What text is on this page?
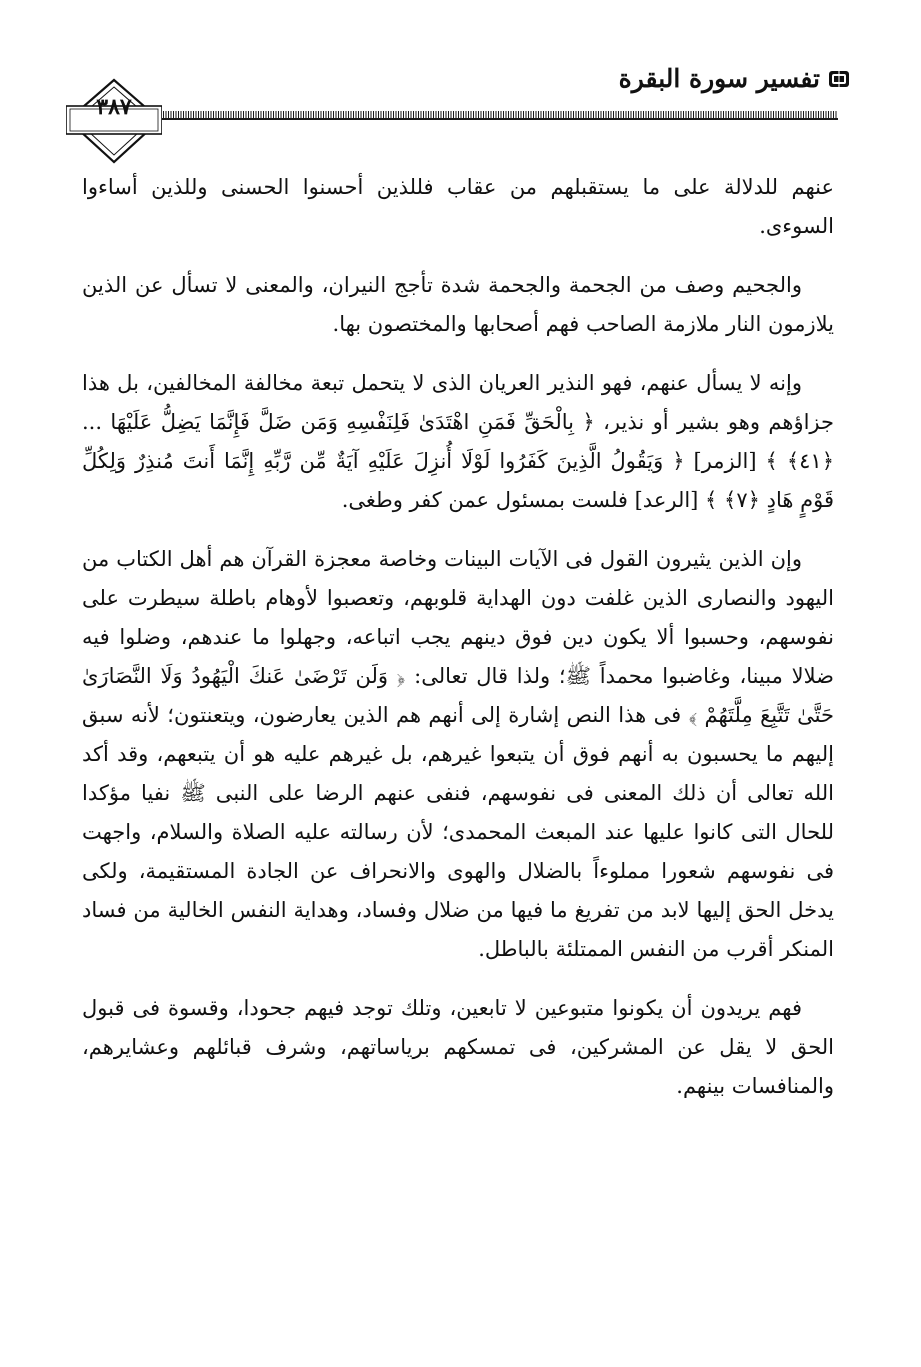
تفسير سورة البقرة
٣٨٧

عنهم للدلالة على ما يستقبلهم من عقاب فللذين أحسنوا الحسنى وللذين أساءوا السوءى.

والجحيم وصف من الجحمة والجحمة شدة تأجج النيران، والمعنى لا تسأل عن الذين يلازمون النار ملازمة الصاحب فهم أصحابها والمختصون بها.

وإنه لا يسأل عنهم، فهو النذير العريان الذى لا يتحمل تبعة مخالفة المخالفين، بل هذا جزاؤهم وهو بشير أو نذير، ﴿ بِالْحَقِّ فَمَنِ اهْتَدَىٰ فَلِنَفْسِهِ وَمَن ضَلَّ فَإِنَّمَا يَضِلُّ عَلَيْهَا ... ﴿٤١﴾ ﴾ [الزمر] ﴿ وَيَقُولُ الَّذِينَ كَفَرُوا لَوْلَا أُنزِلَ عَلَيْهِ آيَةٌ مِّن رَّبِّهِ إِنَّمَا أَنتَ مُنذِرٌ وَلِكُلِّ قَوْمٍ هَادٍ ﴿٧﴾ ﴾ [الرعد] فلست بمسئول عمن كفر وطغى.

وإن الذين يثيرون القول فى الآيات البينات وخاصة معجزة القرآن هم أهل الكتاب من اليهود والنصارى الذين غلفت دون الهداية قلوبهم، وتعصبوا لأوهام باطلة سيطرت على نفوسهم، وحسبوا ألا يكون دين فوق دينهم يجب اتباعه، وجهلوا ما عندهم، وضلوا فيه ضلالا مبينا، وغاضبوا محمداً ﷺ؛ ولذا قال تعالى: ﴿ وَلَن تَرْضَىٰ عَنكَ الْيَهُودُ وَلَا النَّصَارَىٰ حَتَّىٰ تَتَّبِعَ مِلَّتَهُمْ ﴾ فى هذا النص إشارة إلى أنهم هم الذين يعارضون، ويتعنتون؛ لأنه سبق إليهم ما يحسبون به أنهم فوق أن يتبعوا غيرهم، بل غيرهم عليه هو أن يتبعهم، وقد أكد الله تعالى أن ذلك المعنى فى نفوسهم، فنفى عنهم الرضا على النبى ﷺ نفيا مؤكدا للحال التى كانوا عليها عند المبعث المحمدى؛ لأن رسالته عليه الصلاة والسلام، واجهت فى نفوسهم شعورا مملوءاً بالضلال والهوى والانحراف عن الجادة المستقيمة، ولكى يدخل الحق إليها لابد من تفريغ ما فيها من ضلال وفساد، وهداية النفس الخالية من فساد المنكر أقرب من النفس الممتلئة بالباطل.

فهم يريدون أن يكونوا متبوعين لا تابعين، وتلك توجد فيهم جحودا، وقسوة فى قبول الحق لا يقل عن المشركين، فى تمسكهم برياساتهم، وشرف قبائلهم وعشايرهم، والمنافسات بينهم.
